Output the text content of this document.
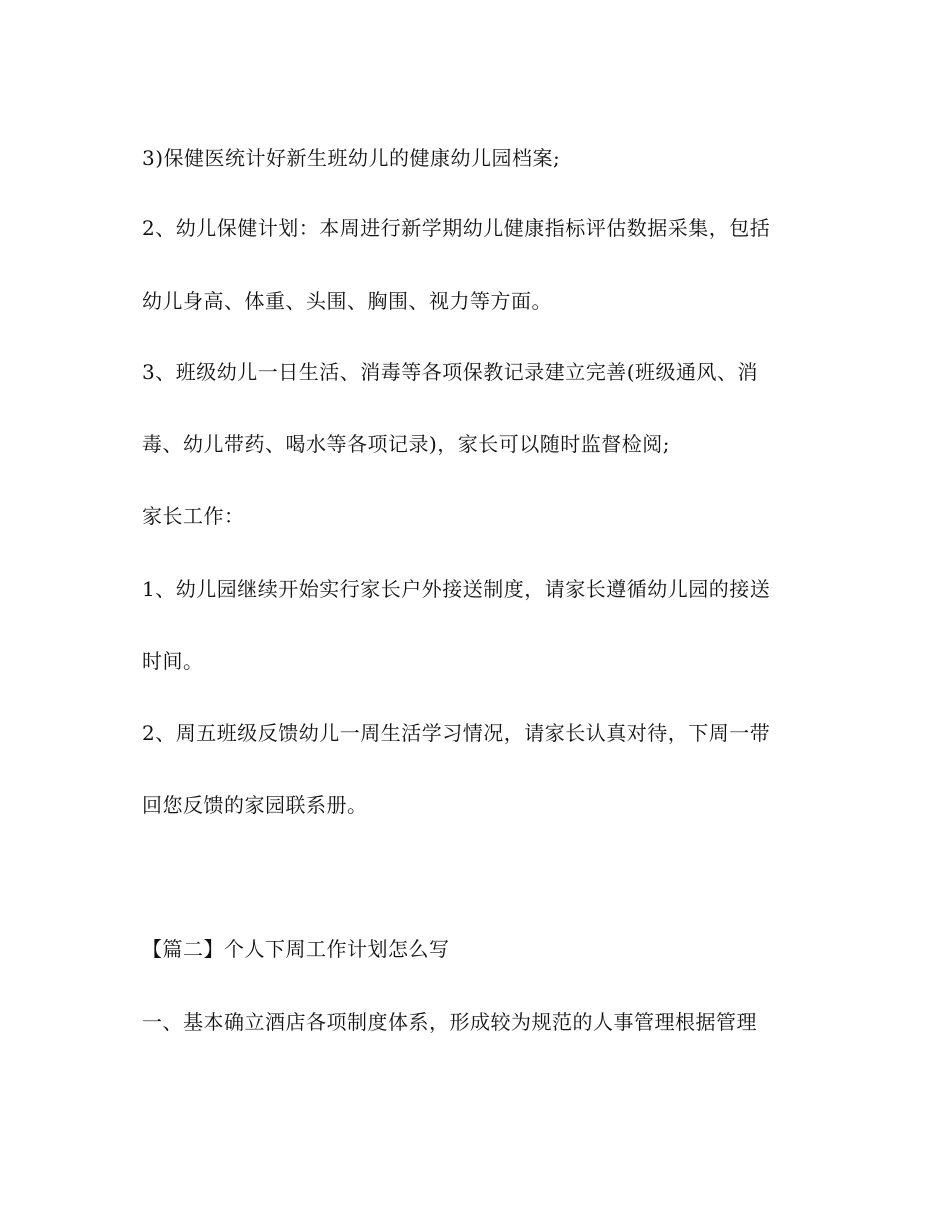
3)保健医统计好新生班幼儿的健康幼儿园档案;
2、幼儿保健计划：本周进行新学期幼儿健康指标评估数据采集，包括
幼儿身高、体重、头围、胸围、视力等方面。
3、班级幼儿一日生活、消毒等各项保教记录建立完善(班级通风、消
毒、幼儿带药、喝水等各项记录)，家长可以随时监督检阅;
家长工作：
1、幼儿园继续开始实行家长户外接送制度，请家长遵循幼儿园的接送
时间。
2、周五班级反馈幼儿一周生活学习情况，请家长认真对待，下周一带
回您反馈的家园联系册。
【篇二】个人下周工作计划怎么写
一、基本确立酒店各项制度体系，形成较为规范的人事管理根据管理
